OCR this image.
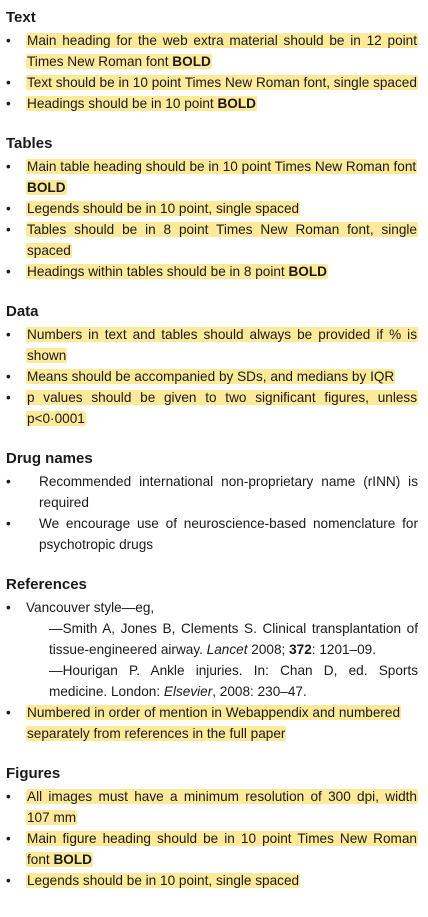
Text
•	Main heading for the web extra material should be in 12 point Times New Roman font BOLD
•	Text should be in 10 point Times New Roman font, single spaced
•	Headings should be in 10 point BOLD
Tables
•	Main table heading should be in 10 point Times New Roman font BOLD
•	Legends should be in 10 point, single spaced
•	Tables should be in 8 point Times New Roman font, single spaced
•	Headings within tables should be in 8 point BOLD
Data
•	Numbers in text and tables should always be provided if % is shown
•	Means should be accompanied by SDs, and medians by IQR
•	p values should be given to two significant figures, unless p<0·0001
Drug names
•	Recommended international non-proprietary name (rINN) is required
•	We encourage use of neuroscience-based nomenclature for psychotropic drugs
References
•	Vancouver style—eg,
—Smith A, Jones B, Clements S. Clinical transplantation of tissue-engineered airway. Lancet 2008; 372: 1201–09.
—Hourigan P. Ankle injuries. In: Chan D, ed. Sports medicine. London: Elsevier, 2008: 230–47.
•	Numbered in order of mention in Webappendix and numbered separately from references in the full paper
Figures
•	All images must have a minimum resolution of 300 dpi, width 107 mm
•	Main figure heading should be in 10 point Times New Roman font BOLD
•	Legends should be in 10 point, single spaced
